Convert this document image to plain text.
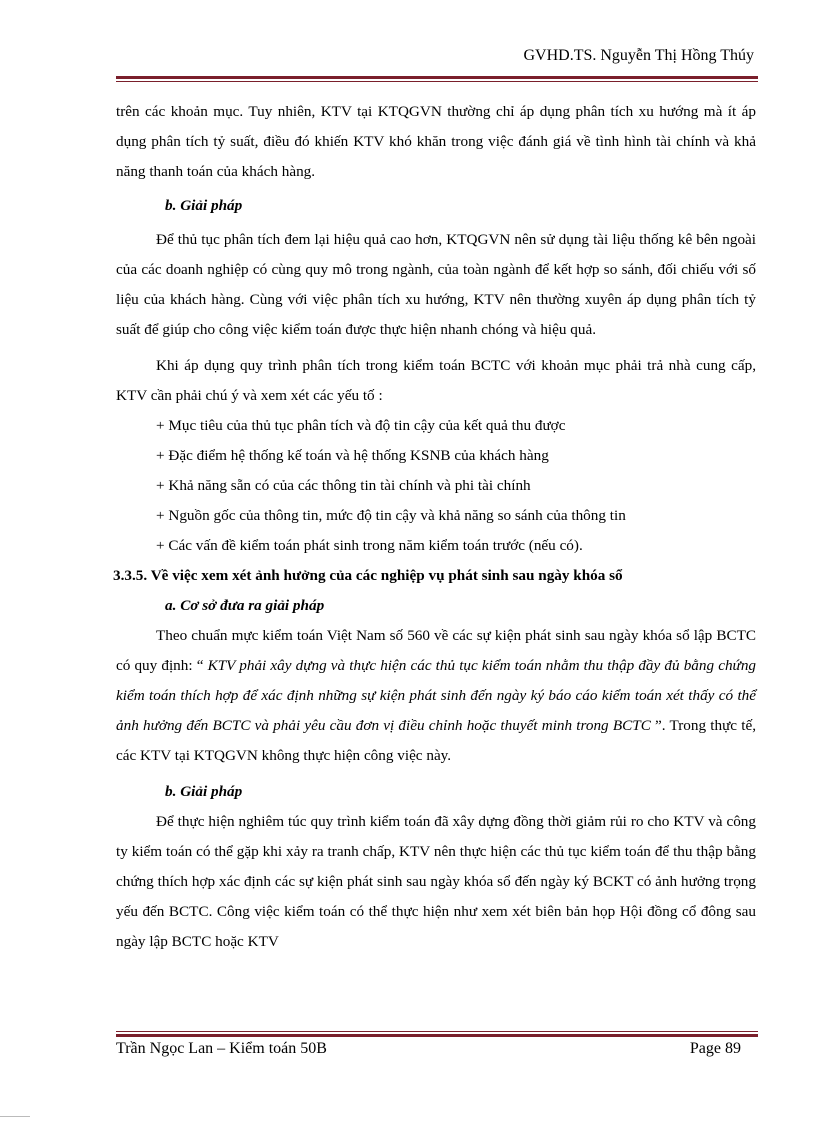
GVHD.TS. Nguyễn Thị Hồng Thúy

trên các khoản mục. Tuy nhiên, KTV tại KTQGVN thường chỉ áp dụng phân tích xu hướng mà ít áp dụng phân tích tỷ suất, điều đó khiến KTV khó khăn trong việc đánh giá về tình hình tài chính và khả năng thanh toán của khách hàng.

b. Giải pháp

Để thủ tục phân tích đem lại hiệu quả cao hơn, KTQGVN nên sử dụng tài liệu thống kê bên ngoài của các doanh nghiệp có cùng quy mô trong ngành, của toàn ngành để kết hợp so sánh, đối chiếu với số liệu của khách hàng. Cùng với việc phân tích xu hướng, KTV nên thường xuyên áp dụng phân tích tỷ suất để giúp cho công việc kiểm toán được thực hiện nhanh chóng và hiệu quả.

Khi áp dụng quy trình phân tích trong kiểm toán BCTC với khoản mục phải trả nhà cung cấp, KTV cần phải chú ý và xem xét các yếu tố :

+ Mục tiêu của thủ tục phân tích và độ tin cậy của kết quả thu được
+ Đặc điểm hệ thống kế toán và hệ thống KSNB của khách hàng
+ Khả năng sẵn có của các thông tin tài chính và phi tài chính
+ Nguồn gốc của thông tin, mức độ tin cậy và khả năng so sánh của thông tin
+ Các vấn đề kiểm toán phát sinh trong năm kiểm toán trước (nếu có).

3.3.5. Về việc xem xét ảnh hưởng của các nghiệp vụ phát sinh sau ngày khóa sổ

a. Cơ sở đưa ra giải pháp

Theo chuẩn mực kiểm toán Việt Nam số 560 về các sự kiện phát sinh sau ngày khóa sổ lập BCTC có quy định: “ KTV phải xây dựng và thực hiện các thủ tục kiểm toán nhằm thu thập đầy đủ bằng chứng kiểm toán thích hợp để xác định những sự kiện phát sinh đến ngày ký báo cáo kiểm toán xét thấy có thể ảnh hưởng đến BCTC và phải yêu cầu đơn vị điều chỉnh hoặc thuyết minh trong BCTC ”. Trong thực tế, các KTV tại KTQGVN không thực hiện công việc này.

b. Giải pháp

Để thực hiện nghiêm túc quy trình kiểm toán đã xây dựng đồng thời giảm rủi ro cho KTV và công ty kiểm toán có thể gặp khi xảy ra tranh chấp, KTV nên thực hiện các thủ tục kiểm toán để thu thập bằng chứng thích hợp xác định các sự kiện phát sinh sau ngày khóa sổ đến ngày ký BCKT có ảnh hưởng trọng yếu đến BCTC. Công việc kiểm toán có thể thực hiện như xem xét biên bản họp Hội đồng cổ đông sau ngày lập BCTC hoặc KTV

Trần Ngọc Lan – Kiểm toán 50B	Page 89
